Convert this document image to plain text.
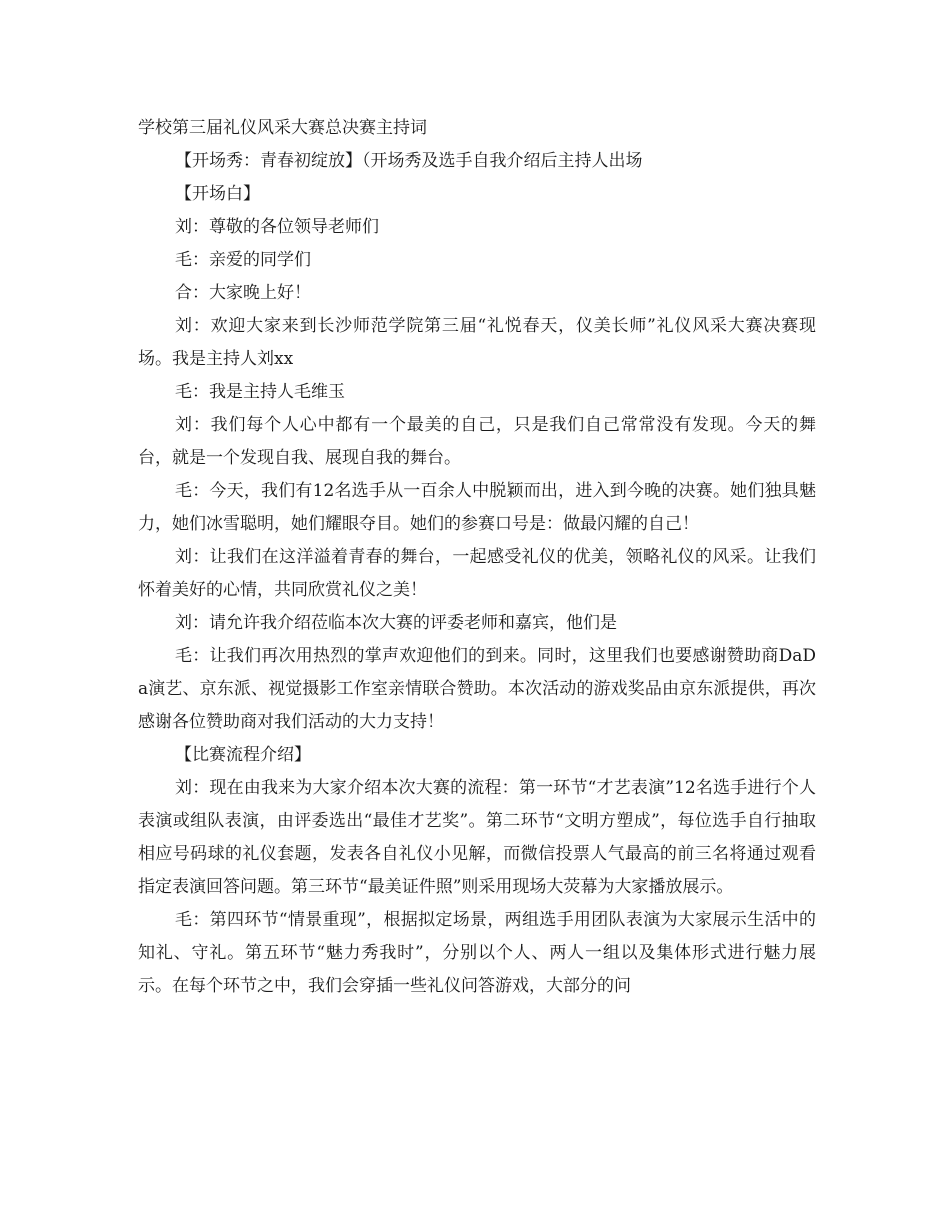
学校第三届礼仪风采大赛总决赛主持词

【开场秀：青春初绽放】（开场秀及选手自我介绍后主持人出场

【开场白】

刘：尊敬的各位领导老师们

毛：亲爱的同学们

合：大家晚上好！

刘：欢迎大家来到长沙师范学院第三届“礼悦春天，仪美长师”礼仪风采大赛决赛现场。我是主持人刘xx

毛：我是主持人毛维玉

刘：我们每个人心中都有一个最美的自己，只是我们自己常常没有发现。今天的舞台，就是一个发现自我、展现自我的舞台。

毛：今天，我们有12名选手从一百余人中脱颖而出，进入到今晚的决赛。她们独具魅力，她们冰雪聪明，她们耀眼夺目。她们的参赛口号是：做最闪耀的自己！

刘：让我们在这洋溢着青春的舞台，一起感受礼仪的优美，领略礼仪的风采。让我们怀着美好的心情，共同欣赏礼仪之美！

刘：请允许我介绍莅临本次大赛的评委老师和嘉宾，他们是

毛：让我们再次用热烈的掌声欢迎他们的到来。同时，这里我们也要感谢赞助商DaDa演艺、京东派、视觉摄影工作室亲情联合赞助。本次活动的游戏奖品由京东派提供，再次感谢各位赞助商对我们活动的大力支持！

【比赛流程介绍】

刘：现在由我来为大家介绍本次大赛的流程：第一环节“才艺表演”12名选手进行个人表演或组队表演，由评委选出“最佳才艺奖”。第二环节“文明方塑成”，每位选手自行抽取相应号码球的礼仪套题，发表各自礼仪小见解，而微信投票人气最高的前三名将通过观看指定表演回答问题。第三环节“最美证件照”则采用现场大荧幕为大家播放展示。

毛：第四环节“情景重现”，根据拟定场景，两组选手用团队表演为大家展示生活中的知礼、守礼。第五环节“魅力秀我时”，分别以个人、两人一组以及集体形式进行魅力展示。在每个环节之中，我们会穿插一些礼仪问答游戏，大部分的问
